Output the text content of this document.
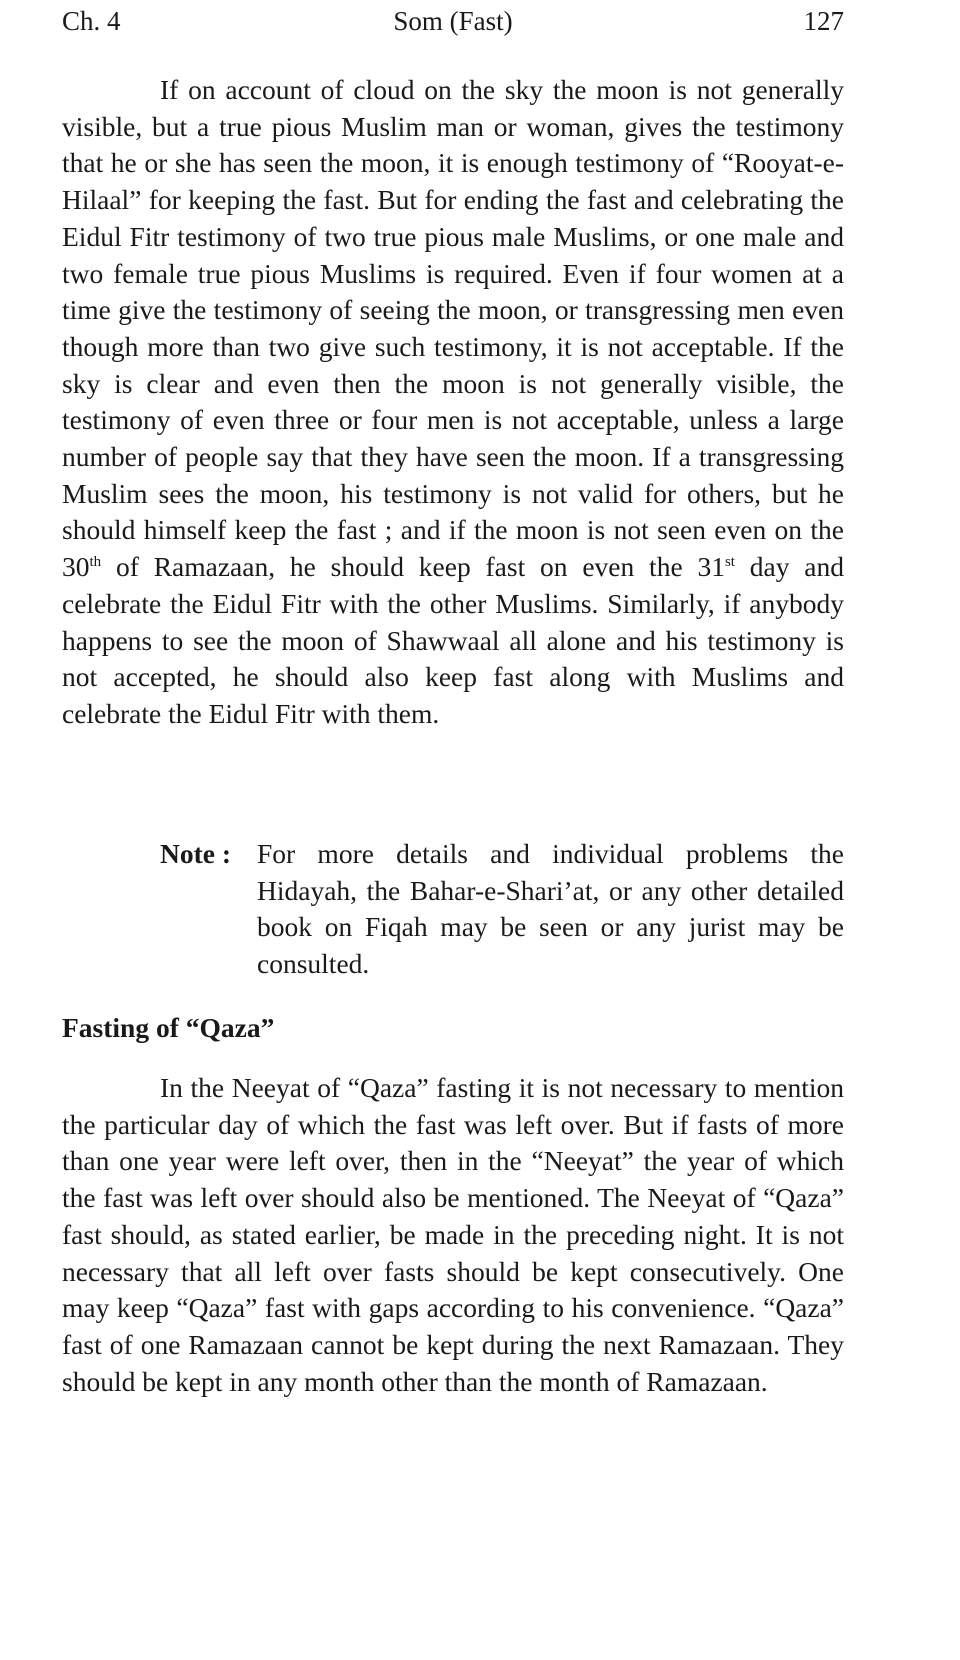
Ch. 4	Som (Fast)	127

If on account of cloud on the sky the moon is not generally visible, but a true pious Muslim man or woman, gives the testimony that he or she has seen the moon, it is enough testimony of “Rooyat-e-Hilaal” for keeping the fast. But for ending the fast and celebrating the Eidul Fitr testimony of two true pious male Muslims, or one male and two female true pious Muslims is required. Even if four women at a time give the testimony of seeing the moon, or transgressing men even though more than two give such testimony, it is not acceptable. If the sky is clear and even then the moon is not generally visible, the testimony of even three or four men is not acceptable, unless a large number of people say that they have seen the moon. If a transgressing Muslim sees the moon, his testimony is not valid for others, but he should himself keep the fast ; and if the moon is not seen even on the 30th of Ramazaan, he should keep fast on even the 31st day and celebrate the Eidul Fitr with the other Muslims. Similarly, if anybody happens to see the moon of Shawwaal all alone and his testimony is not accepted, he should also keep fast along with Muslims and celebrate the Eidul Fitr with them.

Note : For more details and individual problems the Hidayah, the Bahar-e-Shari’at, or any other detailed book on Fiqah may be seen or any jurist may be consulted.

Fasting of “Qaza”

In the Neeyat of “Qaza” fasting it is not necessary to mention the particular day of which the fast was left over. But if fasts of more than one year were left over, then in the “Neeyat” the year of which the fast was left over should also be mentioned. The Neeyat of “Qaza” fast should, as stated earlier, be made in the preceding night. It is not necessary that all left over fasts should be kept consecutively. One may keep “Qaza” fast with gaps according to his convenience. “Qaza” fast of one Ramazaan cannot be kept during the next Ramazaan. They should be kept in any month other than the month of Ramazaan.
